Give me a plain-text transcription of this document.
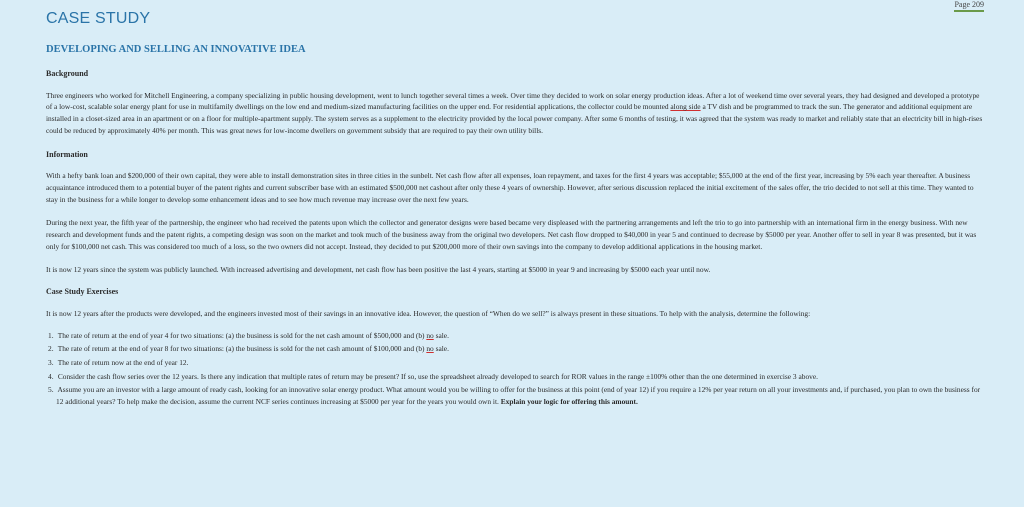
Page 209
CASE STUDY
DEVELOPING AND SELLING AN INNOVATIVE IDEA
Background

Three engineers who worked for Mitchell Engineering, a company specializing in public housing development, went to lunch together several times a week. Over time they decided to work on solar energy production ideas. After a lot of weekend time over several years, they had designed and developed a prototype of a low-cost, scalable solar energy plant for use in multifamily dwellings on the low end and medium-sized manufacturing facilities on the upper end. For residential applications, the collector could be mounted along side a TV dish and be programmed to track the sun. The generator and additional equipment are installed in a closet-sized area in an apartment or on a floor for multiple-apartment supply. The system serves as a supplement to the electricity provided by the local power company. After some 6 months of testing, it was agreed that the system was ready to market and reliably state that an electricity bill in high-rises could be reduced by approximately 40% per month. This was great news for low-income dwellers on government subsidy that are required to pay their own utility bills.

Information

With a hefty bank loan and $200,000 of their own capital, they were able to install demonstration sites in three cities in the sunbelt. Net cash flow after all expenses, loan repayment, and taxes for the first 4 years was acceptable; $55,000 at the end of the first year, increasing by 5% each year thereafter. A business acquaintance introduced them to a potential buyer of the patent rights and current subscriber base with an estimated $500,000 net cashout after only these 4 years of ownership. However, after serious discussion replaced the initial excitement of the sales offer, the trio decided to not sell at this time. They wanted to stay in the business for a while longer to develop some enhancement ideas and to see how much revenue may increase over the next few years.

During the next year, the fifth year of the partnership, the engineer who had received the patents upon which the collector and generator designs were based became very displeased with the partnering arrangements and left the trio to go into partnership with an international firm in the energy business. With new research and development funds and the patent rights, a competing design was soon on the market and took much of the business away from the original two developers. Net cash flow dropped to $40,000 in year 5 and continued to decrease by $5000 per year. Another offer to sell in year 8 was presented, but it was only for $100,000 net cash. This was considered too much of a loss, so the two owners did not accept. Instead, they decided to put $200,000 more of their own savings into the company to develop additional applications in the housing market.

It is now 12 years since the system was publicly launched. With increased advertising and development, net cash flow has been positive the last 4 years, starting at $5000 in year 9 and increasing by $5000 each year until now.

Case Study Exercises

It is now 12 years after the products were developed, and the engineers invested most of their savings in an innovative idea. However, the question of “When do we sell?” is always present in these situations. To help with the analysis, determine the following:

1. The rate of return at the end of year 4 for two situations: (a) the business is sold for the net cash amount of $500,000 and (b) no sale.
2. The rate of return at the end of year 8 for two situations: (a) the business is sold for the net cash amount of $100,000 and (b) no sale.
3. The rate of return now at the end of year 12.
4. Consider the cash flow series over the 12 years. Is there any indication that multiple rates of return may be present? If so, use the spreadsheet already developed to search for ROR values in the range ±100% other than the one determined in exercise 3 above.
5. Assume you are an investor with a large amount of ready cash, looking for an innovative solar energy product. What amount would you be willing to offer for the business at this point (end of year 12) if you require a 12% per year return on all your investments and, if purchased, you plan to own the business for 12 additional years? To help make the decision, assume the current NCF series continues increasing at $5000 per year for the years you would own it. Explain your logic for offering this amount.
